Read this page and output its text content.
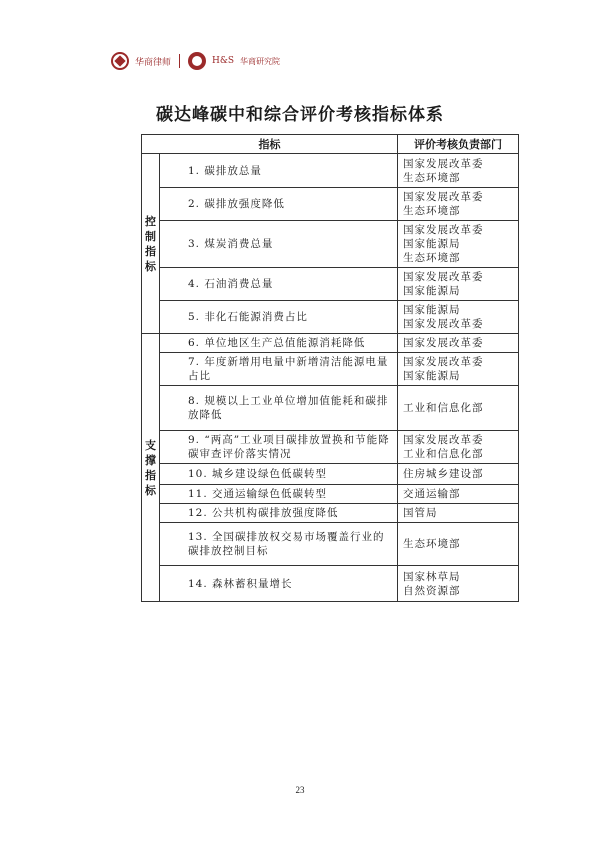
华商律师	H&S 华商研究院
碳达峰碳中和综合评价考核指标体系
指标		评价考核负责部门
控制指标	1. 碳排放总量	国家发展改革委
生态环境部

	2. 碳排放强度降低	国家发展改革委
生态环境部

	3. 煤炭消费总量	国家发展改革委
国家能源局
生态环境部

	4. 石油消费总量	国家发展改革委
国家能源局

	5. 非化石能源消费占比	国家能源局
国家发展改革委

支撑指标	6. 单位地区生产总值能源消耗降低	国家发展改革委

	7. 年度新增用电量中新增清洁能源电量占比	国家发展改革委
国家能源局

	8. 规模以上工业单位增加值能耗和碳排放降低	工业和信息化部

	9. “两高”工业项目碳排放置换和节能降碳审查评价落实情况	国家发展改革委
工业和信息化部

	10. 城乡建设绿色低碳转型	住房城乡建设部

	11. 交通运输绿色低碳转型	交通运输部

	12. 公共机构碳排放强度降低	国管局

	13. 全国碳排放权交易市场覆盖行业的碳排放控制目标	生态环境部

	14. 森林蓄积量增长	国家林草局
自然资源部
23
